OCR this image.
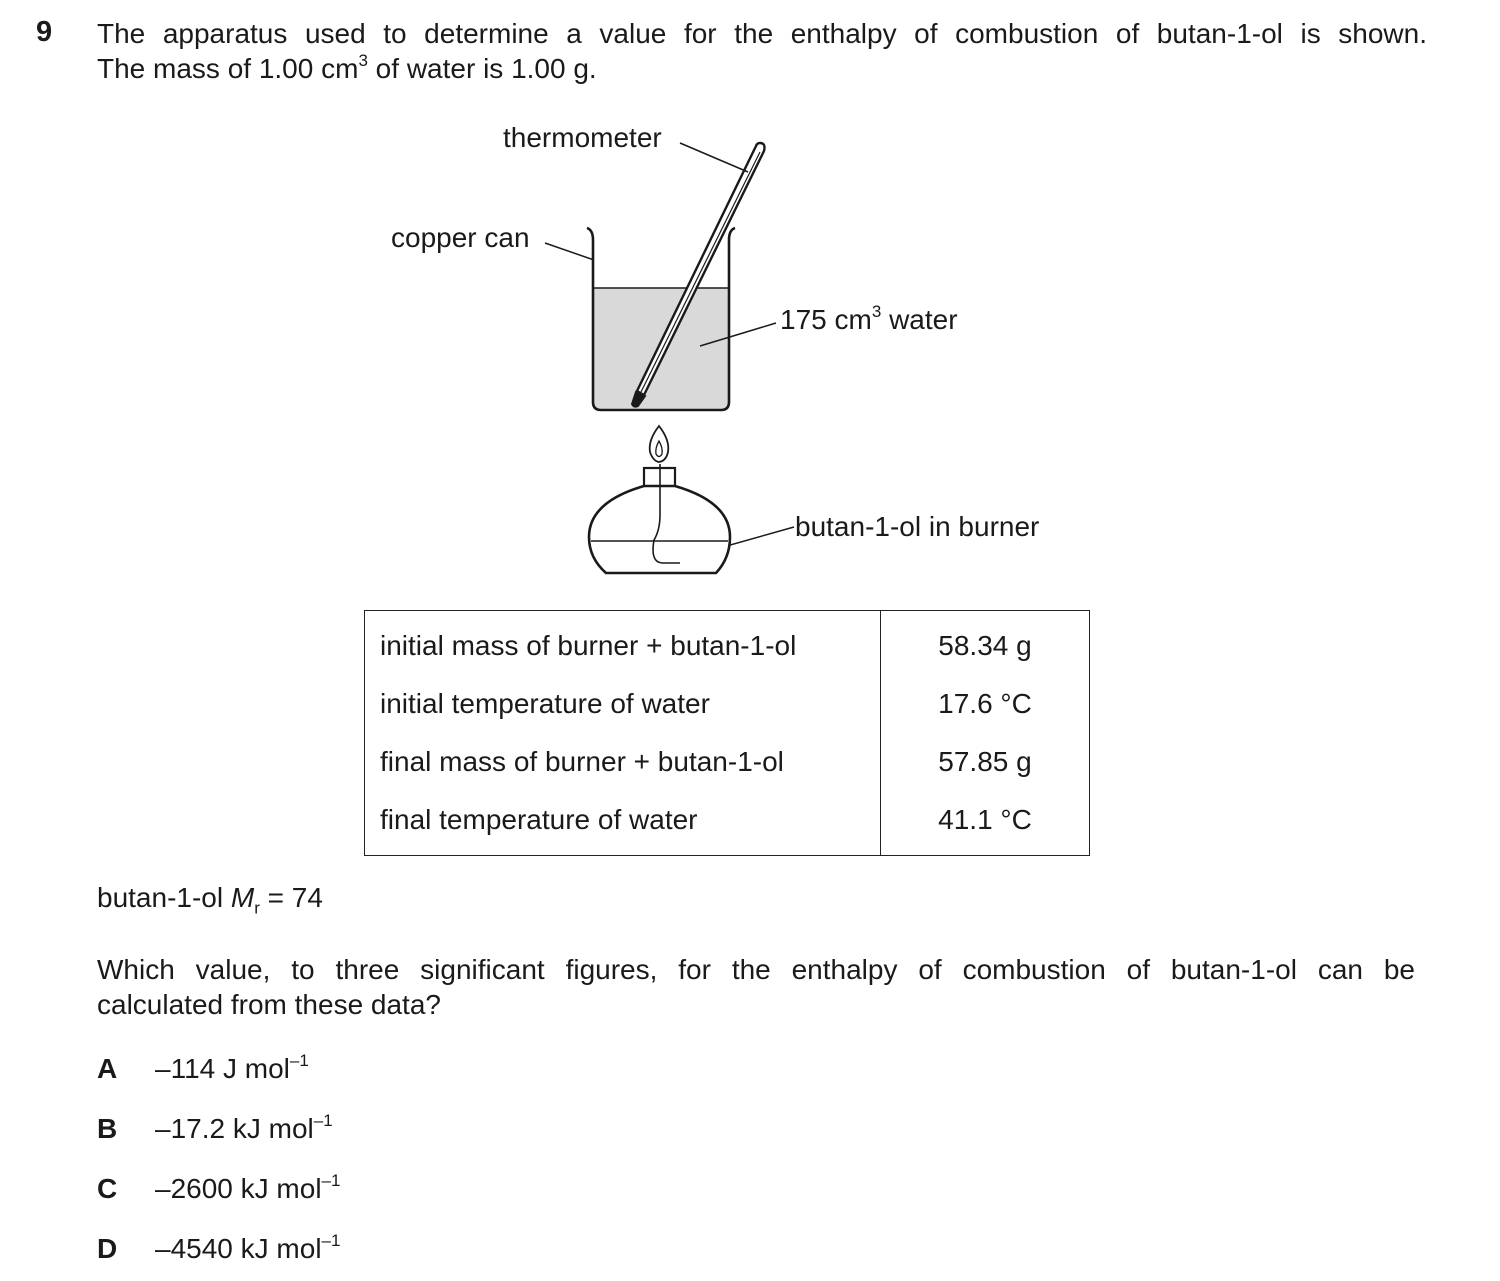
9 The apparatus used to determine a value for the enthalpy of combustion of butan-1-ol is shown.
The mass of 1.00 $cm^3$ of water is 1.00 g.
thermometer
copper can
175 $cm^3$ water
butan-1-ol in burner
initial mass of burner + butan-1-ol	58.34 g
initial temperature of water	17.6 °C
final mass of burner + butan-1-ol	57.85 g
final temperature of water	41.1 °C
butan-1-ol $M_r = 74$
Which value, to three significant figures, for the enthalpy of combustion of butan-1-ol can be
calculated from these data?
A –114 J mol$^{-1}$
B –17.2 kJ mol$^{-1}$
C –2600 kJ mol$^{-1}$
D –4540 kJ mol$^{-1}$
